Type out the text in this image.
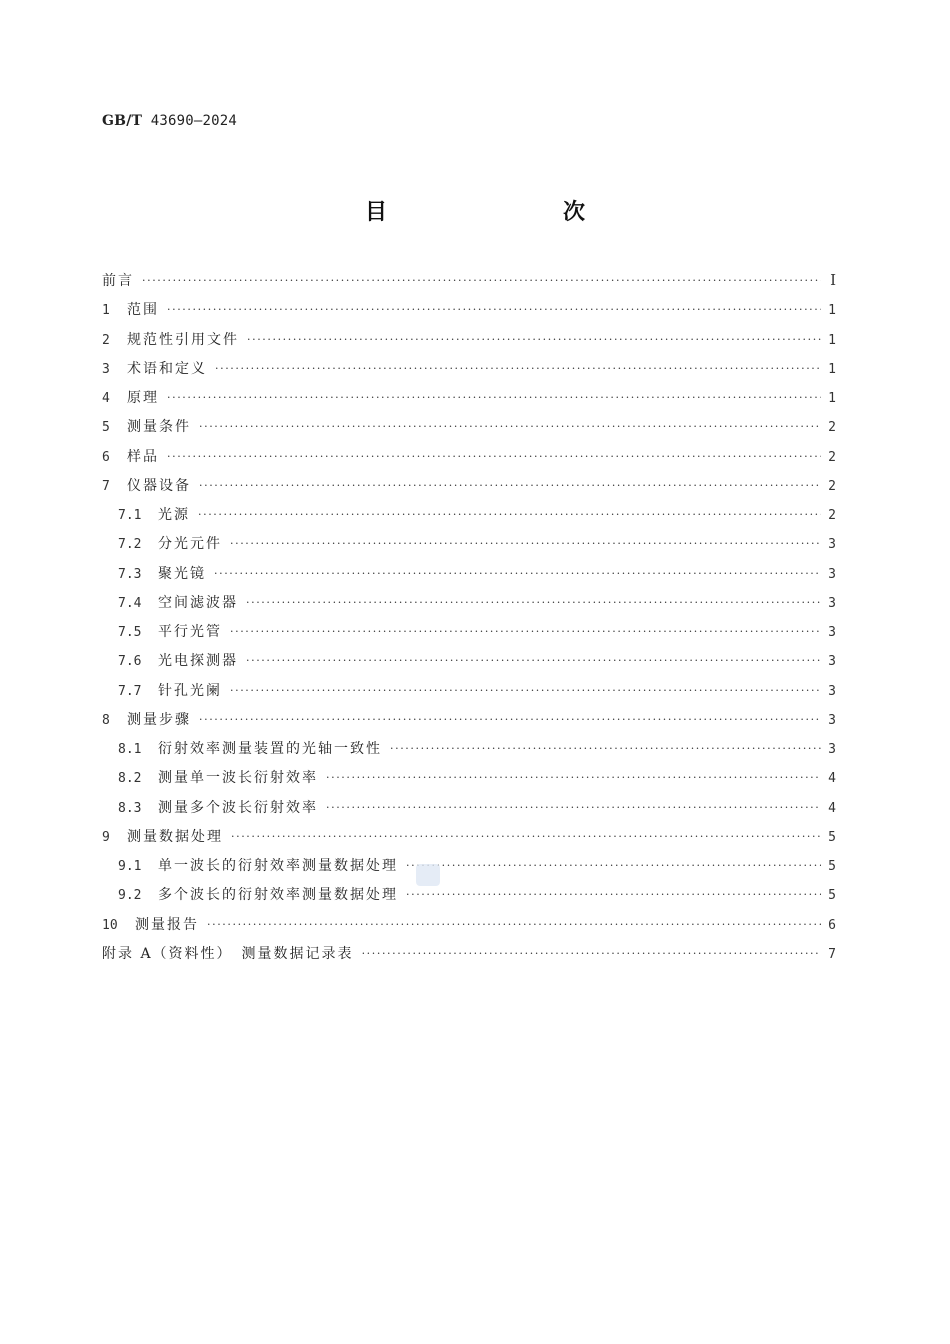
GB/T 43690—2024
目　　次
前言 ·····	I
1	范围 ·····	1
2	规范性引用文件 ·····	1
3	术语和定义 ·····	1
4	原理 ·····	1
5	测量条件 ·····	2
6	样品 ·····	2
7	仪器设备 ·····	2
7.1	光源 ·····	2
7.2	分光元件 ·····	3
7.3	聚光镜 ·····	3
7.4	空间滤波器 ·····	3
7.5	平行光管 ·····	3
7.6	光电探测器 ·····	3
7.7	针孔光阑 ·····	3
8	测量步骤 ·····	3
8.1	衍射效率测量装置的光轴一致性 ·····	3
8.2	测量单一波长衍射效率 ·····	4
8.3	测量多个波长衍射效率 ·····	4
9	测量数据处理 ·····	5
9.1	单一波长的衍射效率测量数据处理 ·····	5
9.2	多个波长的衍射效率测量数据处理 ·····	5
10	测量报告 ·····	6
附录 A（资料性）　测量数据记录表 ·····	7
